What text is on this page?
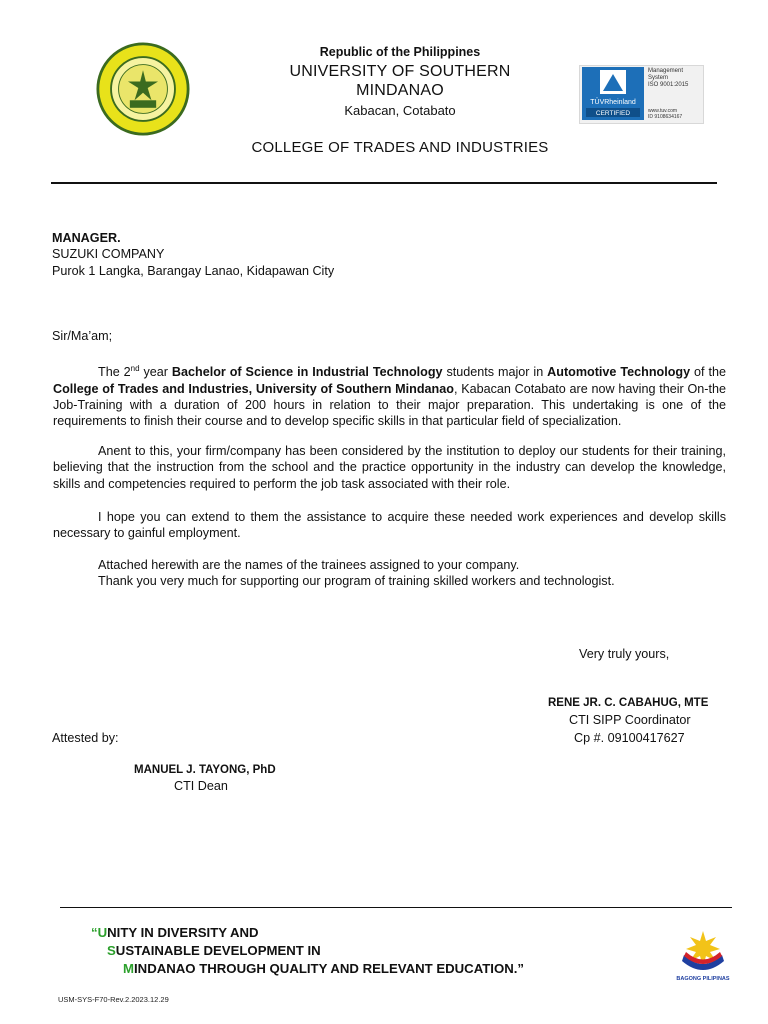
Republic of the Philippines
UNIVERSITY OF SOUTHERN
MINDANAO
Kabacan, Cotabato
COLLEGE OF TRADES AND INDUSTRIES
TÜVRheinland
CERTIFIED
Management
System
ISO 9001:2015
www.tuv.com
ID 9108634167
MANAGER.
SUZUKI COMPANY
Purok 1 Langka, Barangay Lanao, Kidapawan City
Sir/Ma’am;
The 2nd year Bachelor of Science in Industrial Technology students major in Automotive Technology of the College of Trades and Industries, University of Southern Mindanao, Kabacan Cotabato are now having their On-the Job-Training with a duration of 200 hours in relation to their major preparation. This undertaking is one of the requirements to finish their course and to develop specific skills in that particular field of specialization.
Anent to this, your firm/company has been considered by the institution to deploy our students for their training, believing that the instruction from the school and the practice opportunity in the industry can develop the knowledge, skills and competencies required to perform the job task associated with their role.
I hope you can extend to them the assistance to acquire these needed work experiences and develop skills necessary to gainful employment.
Attached herewith are the names of the trainees assigned to your company.
Thank you very much for supporting our program of training skilled workers and technologist.
Very truly yours,
RENE JR. C. CABAHUG, MTE
CTI SIPP Coordinator
Cp #. 09100417627
Attested by:
MANUEL J. TAYONG, PhD
CTI Dean
“UNITY IN DIVERSITY AND
SUSTAINABLE DEVELOPMENT IN
MINDANAO THROUGH QUALITY AND RELEVANT EDUCATION.”
BAGONG PILIPINAS
USM-SYS-F70-Rev.2.2023.12.29
